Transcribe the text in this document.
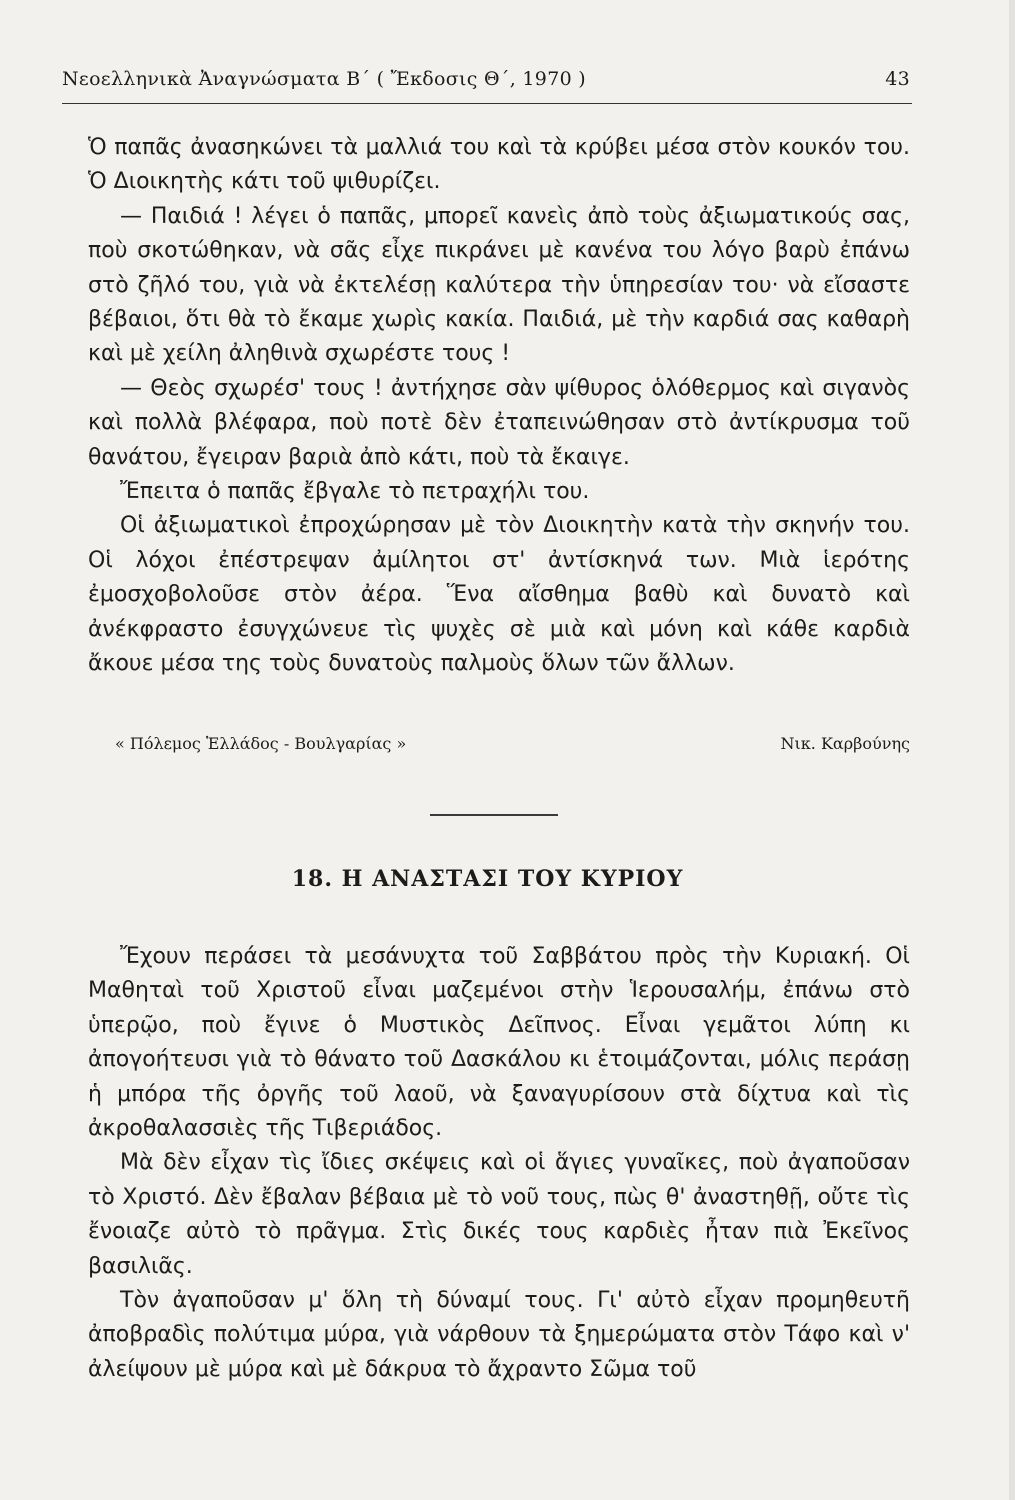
Νεοελληνικὰ Ἀναγνώσματα Β΄ ( Ἔκδοσις Θ΄, 1970 )	43

Ὁ παπᾶς ἀνασηκώνει τὰ μαλλιά του καὶ τὰ κρύβει μέσα στὸν κουκόν του. Ὁ Διοικητὴς κάτι τοῦ ψιθυρίζει.

— Παιδιά ! λέγει ὁ παπᾶς, μπορεῖ κανεὶς ἀπὸ τοὺς ἀξιωματικούς σας, ποὺ σκοτώθηκαν, νὰ σᾶς εἶχε πικράνει μὲ κανένα του λόγο βαρὺ ἐπάνω στὸ ζῆλό του, γιὰ νὰ ἐκτελέσῃ καλύτερα τὴν ὑπηρεσίαν του· νὰ εἴσαστε βέβαιοι, ὅτι θὰ τὸ ἔκαμε χωρὶς κακία. Παιδιά, μὲ τὴν καρδιά σας καθαρὴ καὶ μὲ χείλη ἀληθινὰ σχωρέστε τους !

— Θεὸς σχωρέσ' τους ! ἀντήχησε σὰν ψίθυρος ὁλόθερμος καὶ σιγανὸς καὶ πολλὰ βλέφαρα, ποὺ ποτὲ δὲν ἐταπεινώθησαν στὸ ἀντίκρυσμα τοῦ θανάτου, ἔγειραν βαριὰ ἀπὸ κάτι, ποὺ τὰ ἔκαιγε.

Ἔπειτα ὁ παπᾶς ἔβγαλε τὸ πετραχήλι του.

Οἱ ἀξιωματικοὶ ἐπροχώρησαν μὲ τὸν Διοικητὴν κατὰ τὴν σκηνήν του. Οἱ λόχοι ἐπέστρεψαν ἀμίλητοι στ' ἀντίσκηνά των. Μιὰ ἱερότης ἐμοσχοβολοῦσε στὸν ἀέρα. Ἕνα αἴσθημα βαθὺ καὶ δυνατὸ καὶ ἀνέκφραστο ἐσυγχώνευε τὶς ψυχὲς σὲ μιὰ καὶ μόνη καὶ κάθε καρδιὰ ἄκουε μέσα της τοὺς δυνατοὺς παλμοὺς ὅλων τῶν ἄλλων.

« Πόλεμος Ἑλλάδος - Βουλγαρίας »	Νικ. Καρβούνης
18. Η ΑΝΑΣΤΑΣΙ ΤΟΥ ΚΥΡΙΟΥ

Ἔχουν περάσει τὰ μεσάνυχτα τοῦ Σαββάτου πρὸς τὴν Κυριακή. Οἱ Μαθηταὶ τοῦ Χριστοῦ εἶναι μαζεμένοι στὴν Ἱερουσαλήμ, ἐπάνω στὸ ὑπερῷο, ποὺ ἔγινε ὁ Μυστικὸς Δεῖπνος. Εἶναι γεμᾶτοι λύπη κι ἀπογοήτευσι γιὰ τὸ θάνατο τοῦ Δασκάλου κι ἑτοιμάζονται, μόλις περάσῃ ἡ μπόρα τῆς ὀργῆς τοῦ λαοῦ, νὰ ξαναγυρίσουν στὰ δίχτυα καὶ τὶς ἀκροθαλασσιὲς τῆς Τιβεριάδος.

Μὰ δὲν εἶχαν τὶς ἴδιες σκέψεις καὶ οἱ ἅγιες γυναῖκες, ποὺ ἀγαποῦσαν τὸ Χριστό. Δὲν ἔβαλαν βέβαια μὲ τὸ νοῦ τους, πὼς θ' ἀναστηθῇ, οὔτε τὶς ἔνοιαζε αὐτὸ τὸ πρᾶγμα. Στὶς δικές τους καρδιὲς ἦταν πιὰ Ἐκεῖνος βασιλιᾶς.

Τὸν ἀγαποῦσαν μ' ὅλη τὴ δύναμί τους. Γι' αὐτὸ εἶχαν προμηθευτῆ ἀποβραδὶς πολύτιμα μύρα, γιὰ νάρθουν τὰ ξημερώματα στὸν Τάφο καὶ ν' ἀλείψουν μὲ μύρα καὶ μὲ δάκρυα τὸ ἄχραντο Σῶμα τοῦ
